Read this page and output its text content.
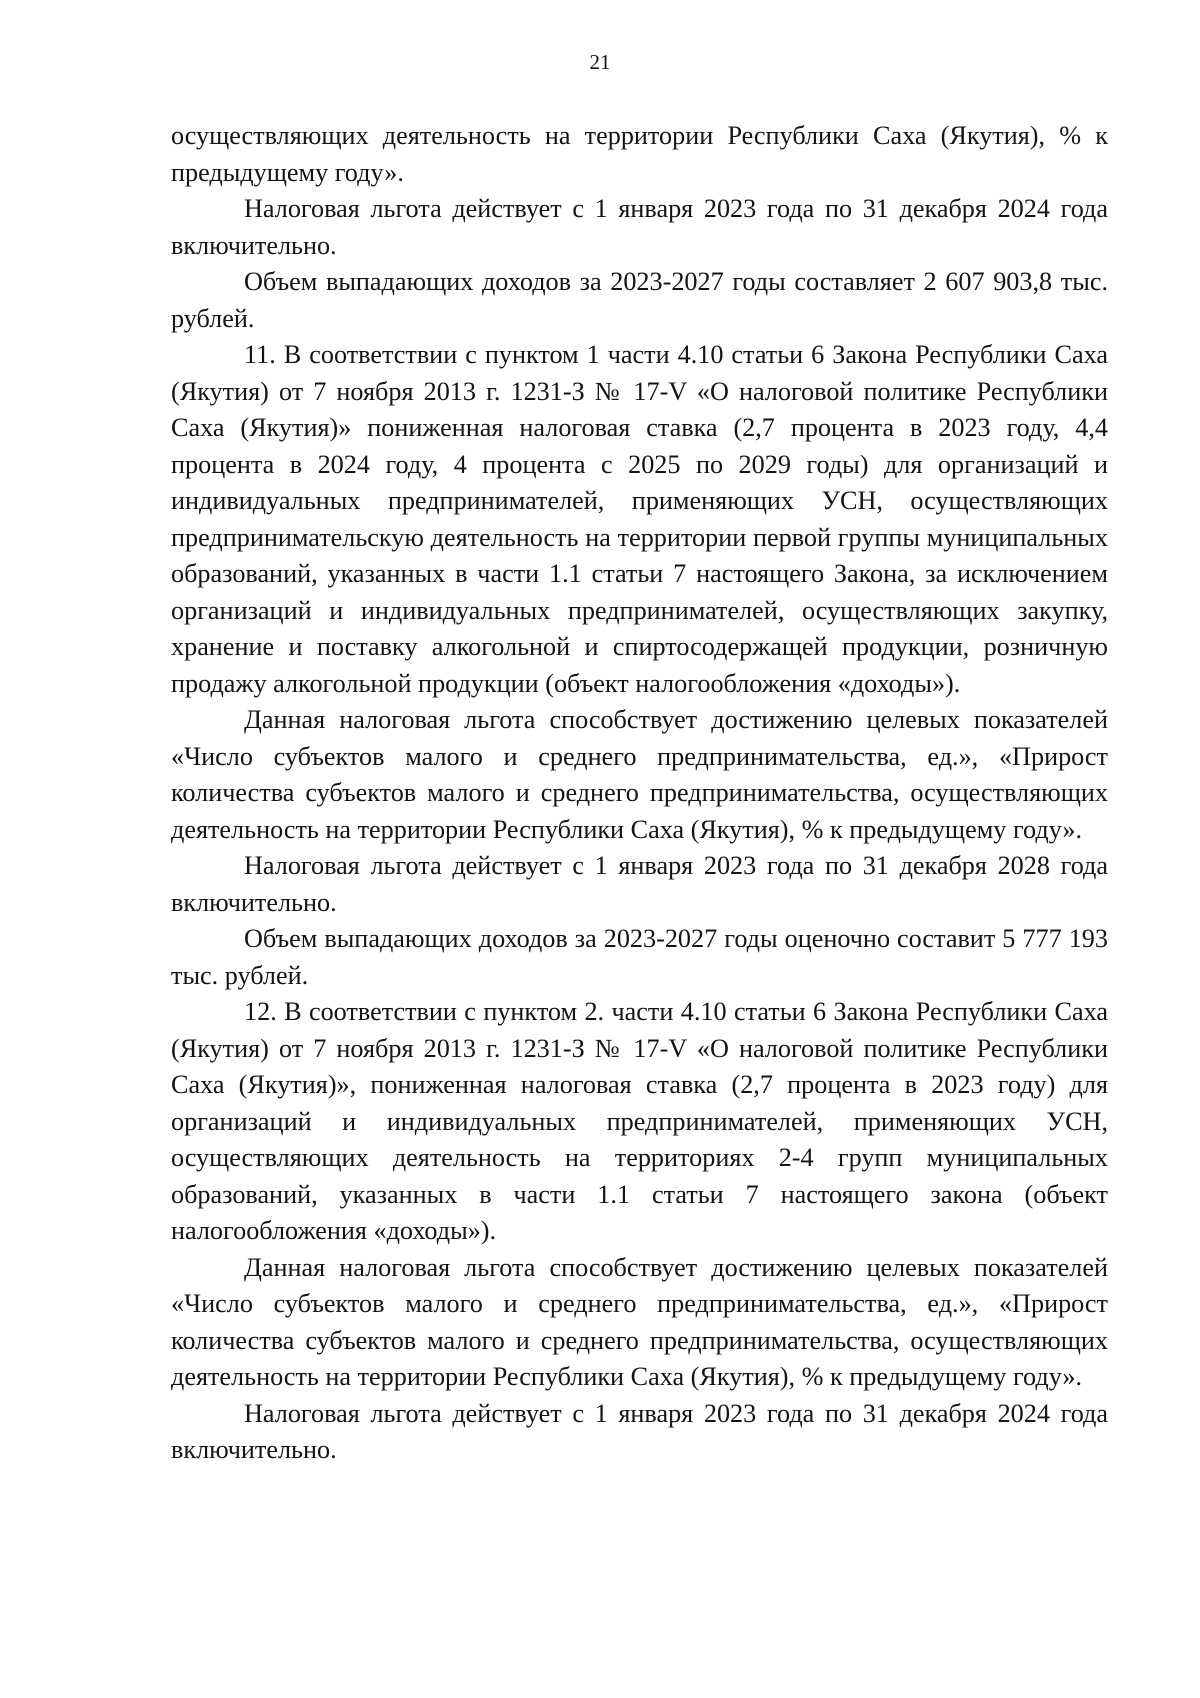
21

осуществляющих деятельность на территории Республики Саха (Якутия), % к предыдущему году».

Налоговая льгота действует с 1 января 2023 года по 31 декабря 2024 года включительно.

Объем выпадающих доходов за 2023-2027 годы составляет 2 607 903,8 тыс. рублей.

11. В соответствии с пунктом 1 части 4.10 статьи 6 Закона Республики Саха (Якутия) от 7 ноября 2013 г. 1231-З № 17-V «О налоговой политике Республики Саха (Якутия)» пониженная налоговая ставка (2,7 процента в 2023 году, 4,4 процента в 2024 году, 4 процента с 2025 по 2029 годы) для организаций и индивидуальных предпринимателей, применяющих УСН, осуществляющих предпринимательскую деятельность на территории первой группы муниципальных образований, указанных в части 1.1 статьи 7 настоящего Закона, за исключением организаций и индивидуальных предпринимателей, осуществляющих закупку, хранение и поставку алкогольной и спиртосодержащей продукции, розничную продажу алкогольной продукции (объект налогообложения «доходы»).

Данная налоговая льгота способствует достижению целевых показателей «Число субъектов малого и среднего предпринимательства, ед.», «Прирост количества субъектов малого и среднего предпринимательства, осуществляющих деятельность на территории Республики Саха (Якутия), % к предыдущему году».

Налоговая льгота действует с 1 января 2023 года по 31 декабря 2028 года включительно.

Объем выпадающих доходов за 2023-2027 годы оценочно составит 5 777 193 тыс. рублей.

12. В соответствии с пунктом 2. части 4.10 статьи 6 Закона Республики Саха (Якутия) от 7 ноября 2013 г. 1231-З № 17-V «О налоговой политике Республики Саха (Якутия)», пониженная налоговая ставка (2,7 процента в 2023 году) для организаций и индивидуальных предпринимателей, применяющих УСН, осуществляющих деятельность на территориях 2-4 групп муниципальных образований, указанных в части 1.1 статьи 7 настоящего закона (объект налогообложения «доходы»).

Данная налоговая льгота способствует достижению целевых показателей «Число субъектов малого и среднего предпринимательства, ед.», «Прирост количества субъектов малого и среднего предпринимательства, осуществляющих деятельность на территории Республики Саха (Якутия), % к предыдущему году».

Налоговая льгота действует с 1 января 2023 года по 31 декабря 2024 года включительно.
